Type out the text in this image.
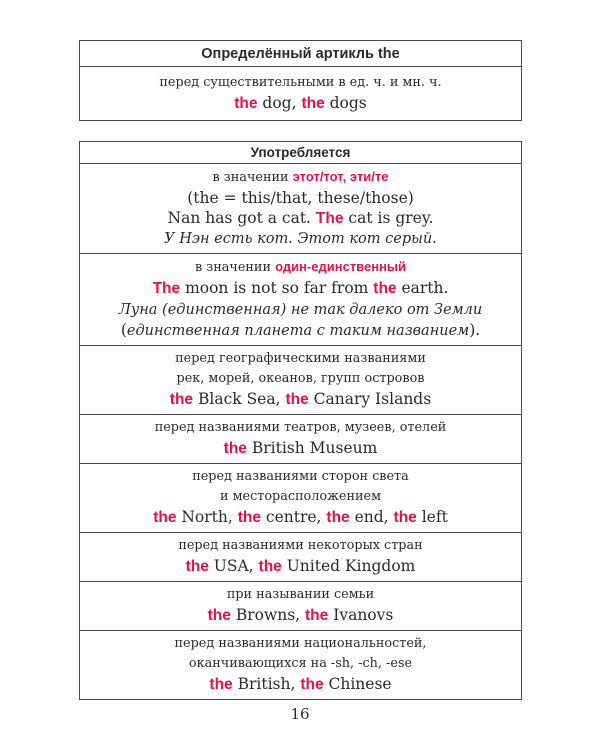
Определённый артикль the
перед существительными в ед. ч. и мн. ч.
the dog, the dogs
Употребляется
в значении этот/тот, эти/те
(the = this/that, these/those)
Nan has got a cat. The cat is grey.
У Нэн есть кот. Этот кот серый.
в значении один-единственный
The moon is not so far from the earth.
Луна (единственная) не так далеко от Земли
(единственная планета с таким названием).
перед географическими названиями
рек, морей, океанов, групп островов
the Black Sea, the Canary Islands
перед названиями театров, музеев, отелей
the British Museum
перед названиями сторон света
и месторасположением
the North, the centre, the end, the left
перед названиями некоторых стран
the USA, the United Kingdom
при назывании семьи
the Browns, the Ivanovs
перед названиями национальностей,
оканчивающихся на -sh, -ch, -ese
the British, the Chinese
16
